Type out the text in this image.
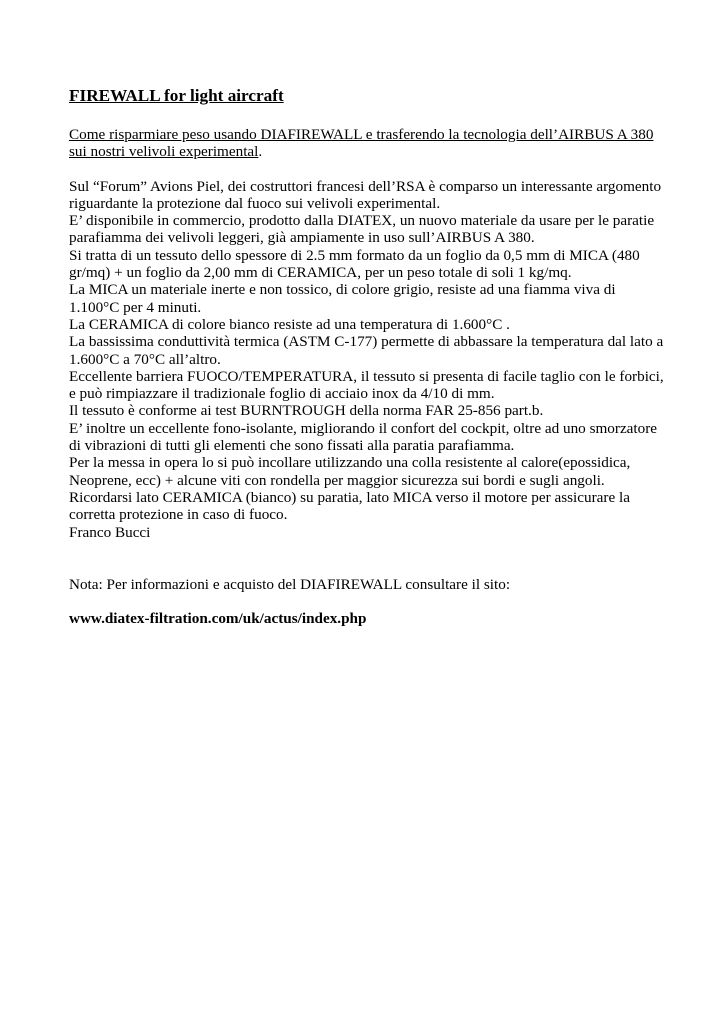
FIREWALL for light aircraft
Come risparmiare peso usando DIAFIREWALL e trasferendo la tecnologia dell’AIRBUS A 380 sui nostri velivoli experimental.
Sul “Forum” Avions Piel, dei costruttori francesi dell’RSA è comparso un interessante argomento riguardante la protezione dal fuoco sui velivoli experimental.
E’ disponibile in commercio, prodotto dalla DIATEX, un nuovo materiale da usare per le paratie parafiamma dei velivoli leggeri, già ampiamente in uso sull’AIRBUS A 380.
Si tratta di un tessuto dello spessore di 2.5 mm formato da un foglio da 0,5 mm di MICA (480 gr/mq) + un foglio da 2,00 mm di CERAMICA, per un peso totale di soli 1 kg/mq.
La MICA un materiale inerte e non tossico, di colore grigio, resiste ad una fiamma viva di 1.100°C per 4 minuti.
La CERAMICA di colore bianco resiste ad una temperatura di 1.600°C .
La bassissima conduttività termica (ASTM C-177) permette di abbassare la temperatura dal lato a 1.600°C a 70°C all’altro.
Eccellente barriera FUOCO/TEMPERATURA, il tessuto si presenta di facile taglio con le forbici, e può rimpiazzare il tradizionale foglio di acciaio inox da 4/10 di mm.
Il tessuto è conforme ai test BURNTROUGH della norma FAR 25-856 part.b.
E’ inoltre un eccellente fono-isolante, migliorando il confort del cockpit, oltre ad uno smorzatore di vibrazioni di tutti gli elementi che sono fissati alla paratia parafiamma.
Per la messa in opera lo si può incollare utilizzando una colla resistente al calore(epossidica, Neoprene, ecc) + alcune viti con rondella per maggior sicurezza sui bordi e sugli angoli.
Ricordarsi lato CERAMICA (bianco) su paratia, lato MICA verso il motore per assicurare la corretta protezione in caso di fuoco.
Franco Bucci
Nota: Per informazioni e acquisto del DIAFIREWALL consultare il sito:
www.diatex-filtration.com/uk/actus/index.php
